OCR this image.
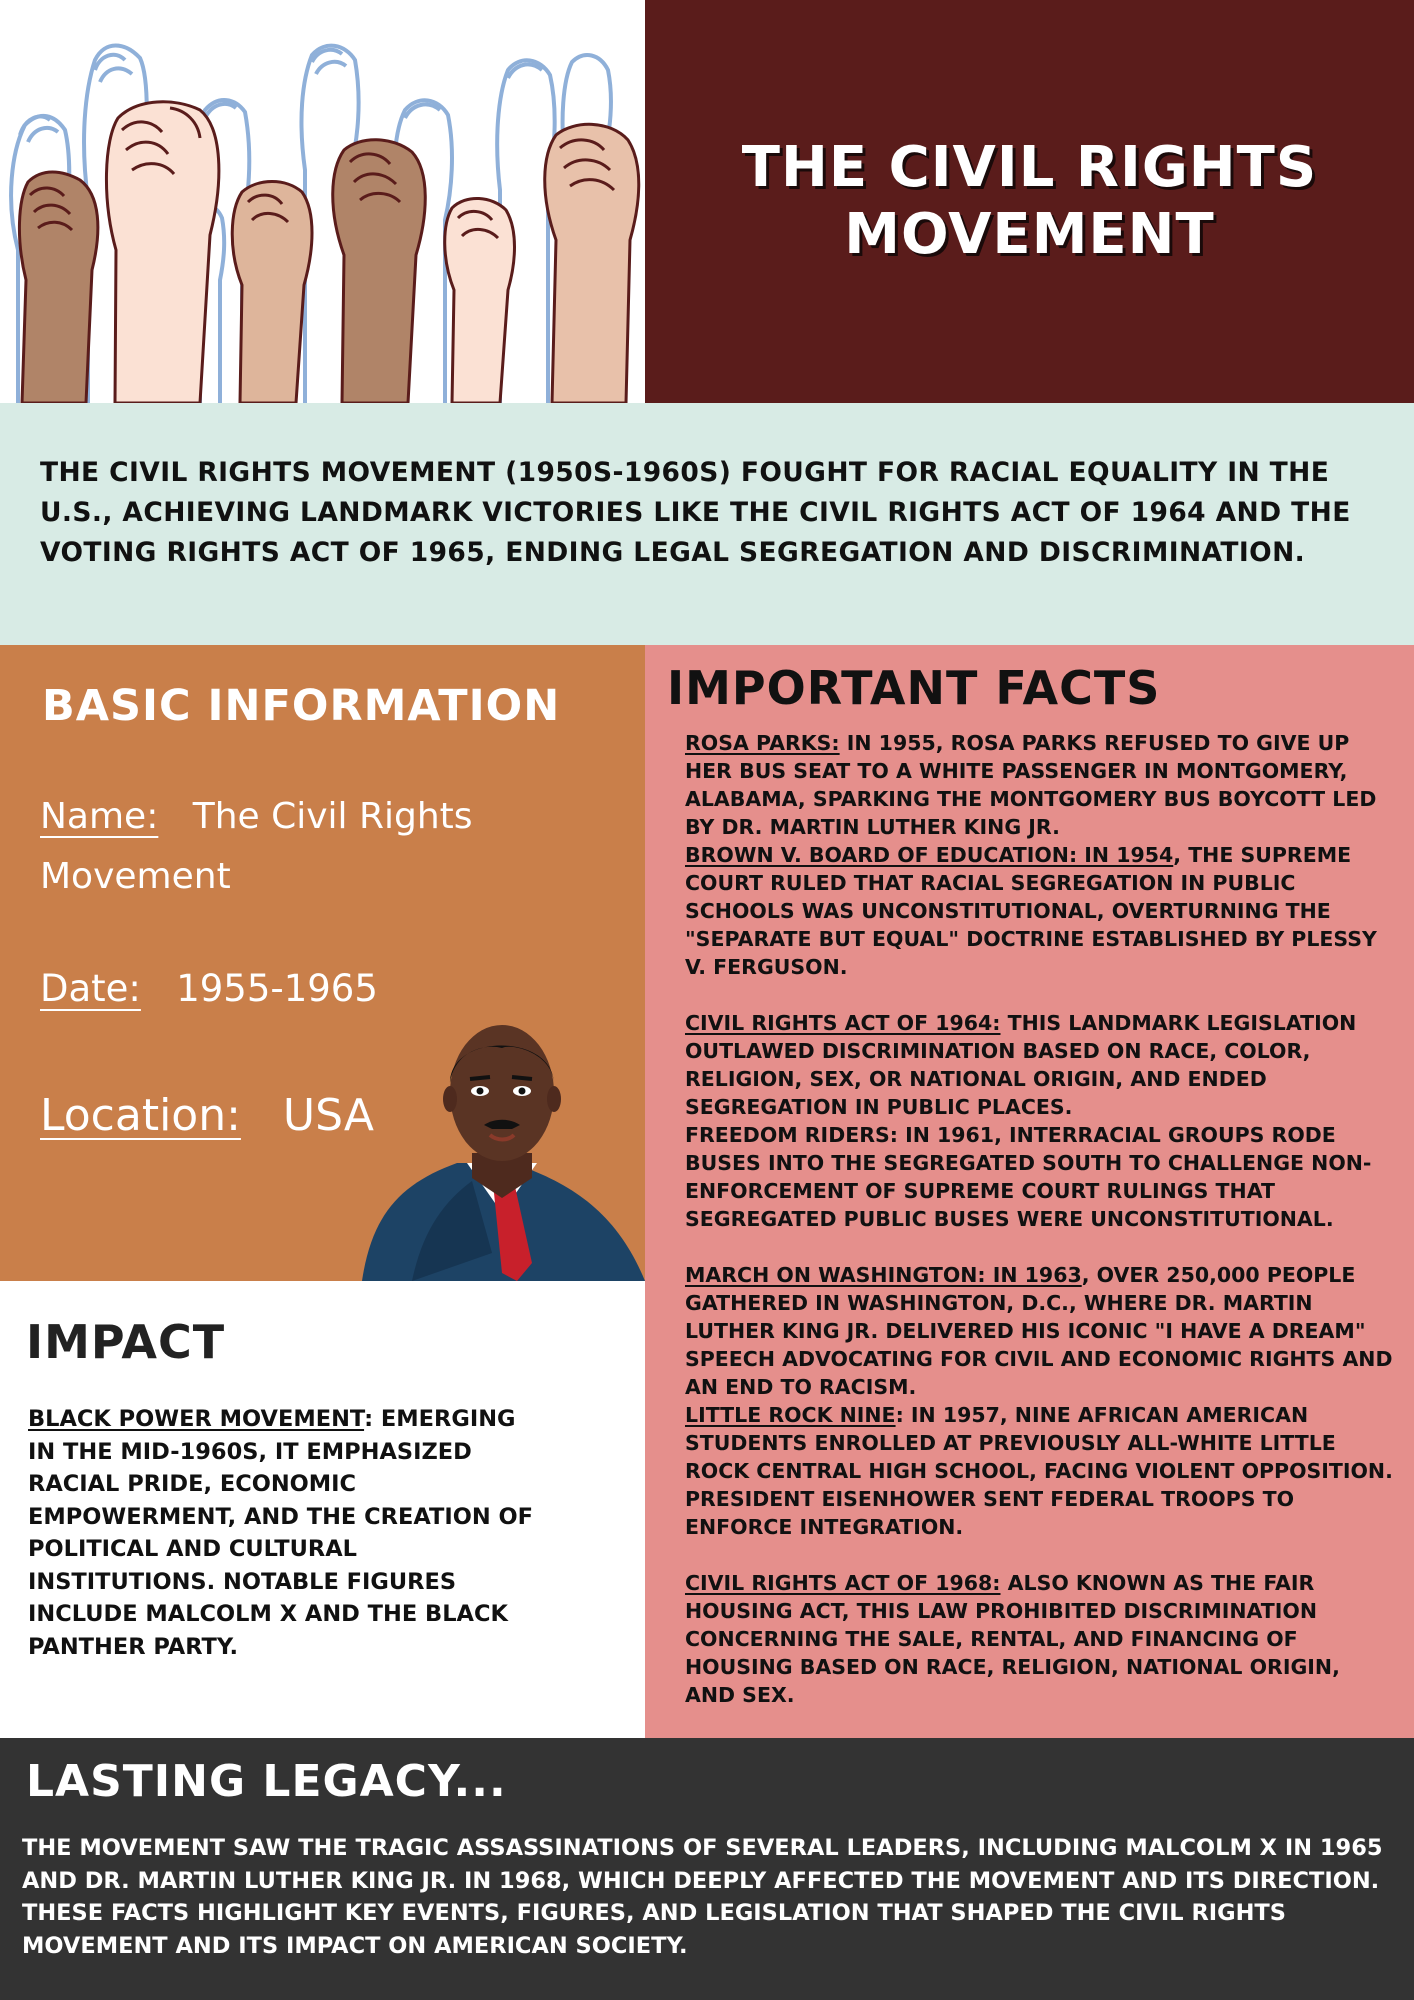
THE CIVIL RIGHTS MOVEMENT

THE CIVIL RIGHTS MOVEMENT (1950S-1960S) FOUGHT FOR RACIAL EQUALITY IN THE U.S., ACHIEVING LANDMARK VICTORIES LIKE THE CIVIL RIGHTS ACT OF 1964 AND THE VOTING RIGHTS ACT OF 1965, ENDING LEGAL SEGREGATION AND DISCRIMINATION.

BASIC INFORMATION
Name: The Civil Rights Movement
Date: 1955-1965
Location: USA
IMPORTANT FACTS

ROSA PARKS: IN 1955, ROSA PARKS REFUSED TO GIVE UP HER BUS SEAT TO A WHITE PASSENGER IN MONTGOMERY, ALABAMA, SPARKING THE MONTGOMERY BUS BOYCOTT LED BY DR. MARTIN LUTHER KING JR.

BROWN V. BOARD OF EDUCATION: IN 1954, THE SUPREME COURT RULED THAT RACIAL SEGREGATION IN PUBLIC SCHOOLS WAS UNCONSTITUTIONAL, OVERTURNING THE "SEPARATE BUT EQUAL" DOCTRINE ESTABLISHED BY PLESSY V. FERGUSON.

CIVIL RIGHTS ACT OF 1964: THIS LANDMARK LEGISLATION OUTLAWED DISCRIMINATION BASED ON RACE, COLOR, RELIGION, SEX, OR NATIONAL ORIGIN, AND ENDED SEGREGATION IN PUBLIC PLACES.

FREEDOM RIDERS: IN 1961, INTERRACIAL GROUPS RODE BUSES INTO THE SEGREGATED SOUTH TO CHALLENGE NON-ENFORCEMENT OF SUPREME COURT RULINGS THAT SEGREGATED PUBLIC BUSES WERE UNCONSTITUTIONAL.

MARCH ON WASHINGTON: IN 1963, OVER 250,000 PEOPLE GATHERED IN WASHINGTON, D.C., WHERE DR. MARTIN LUTHER KING JR. DELIVERED HIS ICONIC "I HAVE A DREAM" SPEECH ADVOCATING FOR CIVIL AND ECONOMIC RIGHTS AND AN END TO RACISM.

LITTLE ROCK NINE: IN 1957, NINE AFRICAN AMERICAN STUDENTS ENROLLED AT PREVIOUSLY ALL-WHITE LITTLE ROCK CENTRAL HIGH SCHOOL, FACING VIOLENT OPPOSITION. PRESIDENT EISENHOWER SENT FEDERAL TROOPS TO ENFORCE INTEGRATION.

CIVIL RIGHTS ACT OF 1968: ALSO KNOWN AS THE FAIR HOUSING ACT, THIS LAW PROHIBITED DISCRIMINATION CONCERNING THE SALE, RENTAL, AND FINANCING OF HOUSING BASED ON RACE, RELIGION, NATIONAL ORIGIN, AND SEX.

IMPACT

BLACK POWER MOVEMENT: EMERGING IN THE MID-1960S, IT EMPHASIZED RACIAL PRIDE, ECONOMIC EMPOWERMENT, AND THE CREATION OF POLITICAL AND CULTURAL INSTITUTIONS. NOTABLE FIGURES INCLUDE MALCOLM X AND THE BLACK PANTHER PARTY.

LASTING LEGACY...

THE MOVEMENT SAW THE TRAGIC ASSASSINATIONS OF SEVERAL LEADERS, INCLUDING MALCOLM X IN 1965 AND DR. MARTIN LUTHER KING JR. IN 1968, WHICH DEEPLY AFFECTED THE MOVEMENT AND ITS DIRECTION. THESE FACTS HIGHLIGHT KEY EVENTS, FIGURES, AND LEGISLATION THAT SHAPED THE CIVIL RIGHTS MOVEMENT AND ITS IMPACT ON AMERICAN SOCIETY.
